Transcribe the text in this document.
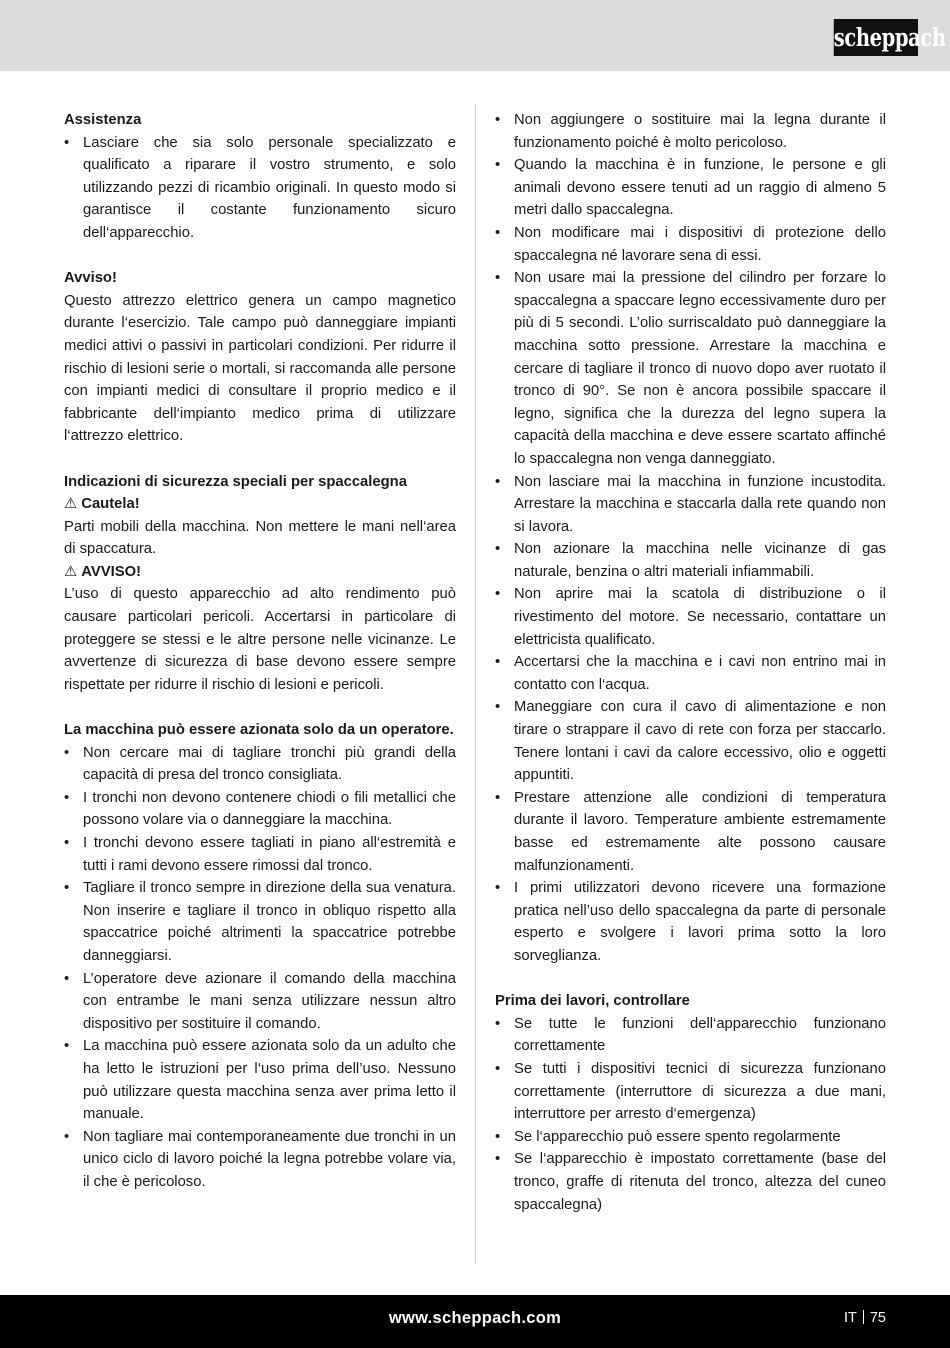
scheppach

Assistenza

• Lasciare che sia solo personale specializzato e qualificato a riparare il vostro strumento, e solo utilizzando pezzi di ricambio originali. In questo modo si garantisce il costante funzionamento sicuro dell‘apparecchio.

Avviso!

Questo attrezzo elettrico genera un campo magnetico durante l‘esercizio. Tale campo può danneggiare impianti medici attivi o passivi in particolari condizioni. Per ridurre il rischio di lesioni serie o mortali, si raccomanda alle persone con impianti medici di consultare il proprio medico e il fabbricante dell‘impianto medico prima di utilizzare l‘attrezzo elettrico.

Indicazioni di sicurezza speciali per spaccalegna

⚠ Cautela!

Parti mobili della macchina. Non mettere le mani nell‘area di spaccatura.

⚠ AVVISO!

L’uso di questo apparecchio ad alto rendimento può causare particolari pericoli. Accertarsi in particolare di proteggere se stessi e le altre persone nelle vicinanze. Le avvertenze di sicurezza di base devono essere sempre rispettate per ridurre il rischio di lesioni e pericoli.

La macchina può essere azionata solo da un operatore.

• Non cercare mai di tagliare tronchi più grandi della capacità di presa del tronco consigliata.
• I tronchi non devono contenere chiodi o fili metallici che possono volare via o danneggiare la macchina.
• I tronchi devono essere tagliati in piano all‘estremità e tutti i rami devono essere rimossi dal tronco.
• Tagliare il tronco sempre in direzione della sua venatura. Non inserire e tagliare il tronco in obliquo rispetto alla spaccatrice poiché altrimenti la spaccatrice potrebbe danneggiarsi.
• L’operatore deve azionare il comando della macchina con entrambe le mani senza utilizzare nessun altro dispositivo per sostituire il comando.
• La macchina può essere azionata solo da un adulto che ha letto le istruzioni per l‘uso prima dell’uso. Nessuno può utilizzare questa macchina senza aver prima letto il manuale.
• Non tagliare mai contemporaneamente due tronchi in un unico ciclo di lavoro poiché la legna potrebbe volare via, il che è pericoloso.
• Non aggiungere o sostituire mai la legna durante il funzionamento poiché è molto pericoloso.
• Quando la macchina è in funzione, le persone e gli animali devono essere tenuti ad un raggio di almeno 5 metri dallo spaccalegna.
• Non modificare mai i dispositivi di protezione dello spaccalegna né lavorare sena di essi.
• Non usare mai la pressione del cilindro per forzare lo spaccalegna a spaccare legno eccessivamente duro per più di 5 secondi. L’olio surriscaldato può danneggiare la macchina sotto pressione. Arrestare la macchina e cercare di tagliare il tronco di nuovo dopo aver ruotato il tronco di 90°. Se non è ancora possibile spaccare il legno, significa che la durezza del legno supera la capacità della macchina e deve essere scartato affinché lo spaccalegna non venga danneggiato.
• Non lasciare mai la macchina in funzione incustodita. Arrestare la macchina e staccarla dalla rete quando non si lavora.
• Non azionare la macchina nelle vicinanze di gas naturale, benzina o altri materiali infiammabili.
• Non aprire mai la scatola di distribuzione o il rivestimento del motore. Se necessario, contattare un elettricista qualificato.
• Accertarsi che la macchina e i cavi non entrino mai in contatto con l‘acqua.
• Maneggiare con cura il cavo di alimentazione e non tirare o strappare il cavo di rete con forza per staccarlo. Tenere lontani i cavi da calore eccessivo, olio e oggetti appuntiti.
• Prestare attenzione alle condizioni di temperatura durante il lavoro. Temperature ambiente estremamente basse ed estremamente alte possono causare malfunzionamenti.
• I primi utilizzatori devono ricevere una formazione pratica nell’uso dello spaccalegna da parte di personale esperto e svolgere i lavori prima sotto la loro sorveglianza.

Prima dei lavori, controllare

• Se tutte le funzioni dell‘apparecchio funzionano correttamente
• Se tutti i dispositivi tecnici di sicurezza funzionano correttamente (interruttore di sicurezza a due mani, interruttore per arresto d‘emergenza)
• Se l‘apparecchio può essere spento regolarmente
• Se l‘apparecchio è impostato correttamente (base del tronco, graffe di ritenuta del tronco, altezza del cuneo spaccalegna)
www.scheppach.com	IT 75
